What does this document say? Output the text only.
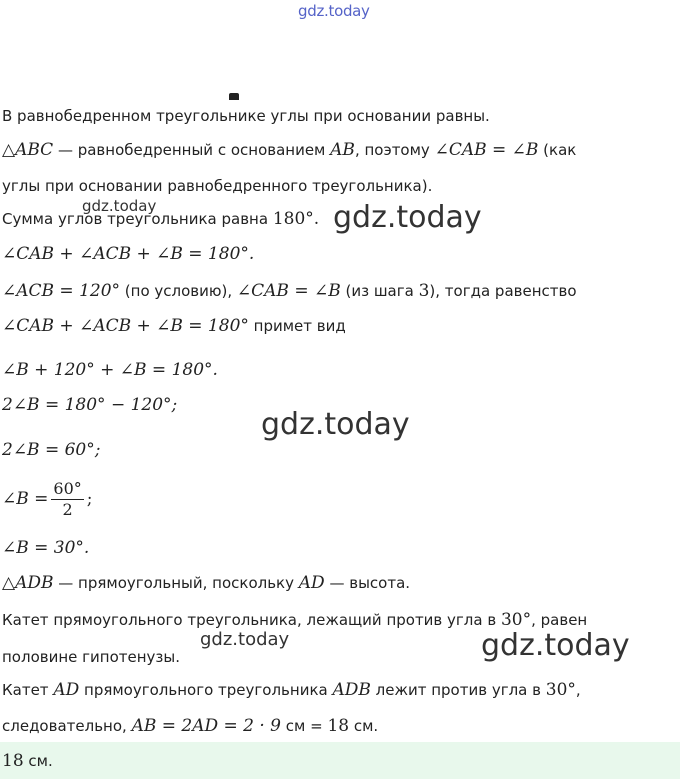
gdz.today
В равнобедренном треугольнике углы при основании равны.
△ABC — равнобедренный с основанием AB, поэтому ∠CAB = ∠B (как
углы при основании равнобедренного треугольника).
Сумма углов треугольника равна 180°.
∠CAB + ∠ACB + ∠B = 180°.
∠ACB = 120° (по условию), ∠CAB = ∠B (из шага 3), тогда равенство
∠CAB + ∠ACB + ∠B = 180° примет вид
∠B + 120° + ∠B = 180°.
2∠B = 180° − 120°;
2∠B = 60°;
∠B = $\frac{60^\circ}{2}$ ;
∠B = 30°.
△ADB — прямоугольный, поскольку AD — высота.
Катет прямоугольного треугольника, лежащий против угла в 30°, равен
половине гипотенузы.
Катет AD прямоугольного треугольника ADB лежит против угла в 30°,
следовательно, AB = 2AD = 2 · 9 см = 18 см.
18 см.
gdz.today	gdz.today
gdz.today
gdz.today	gdz.today
